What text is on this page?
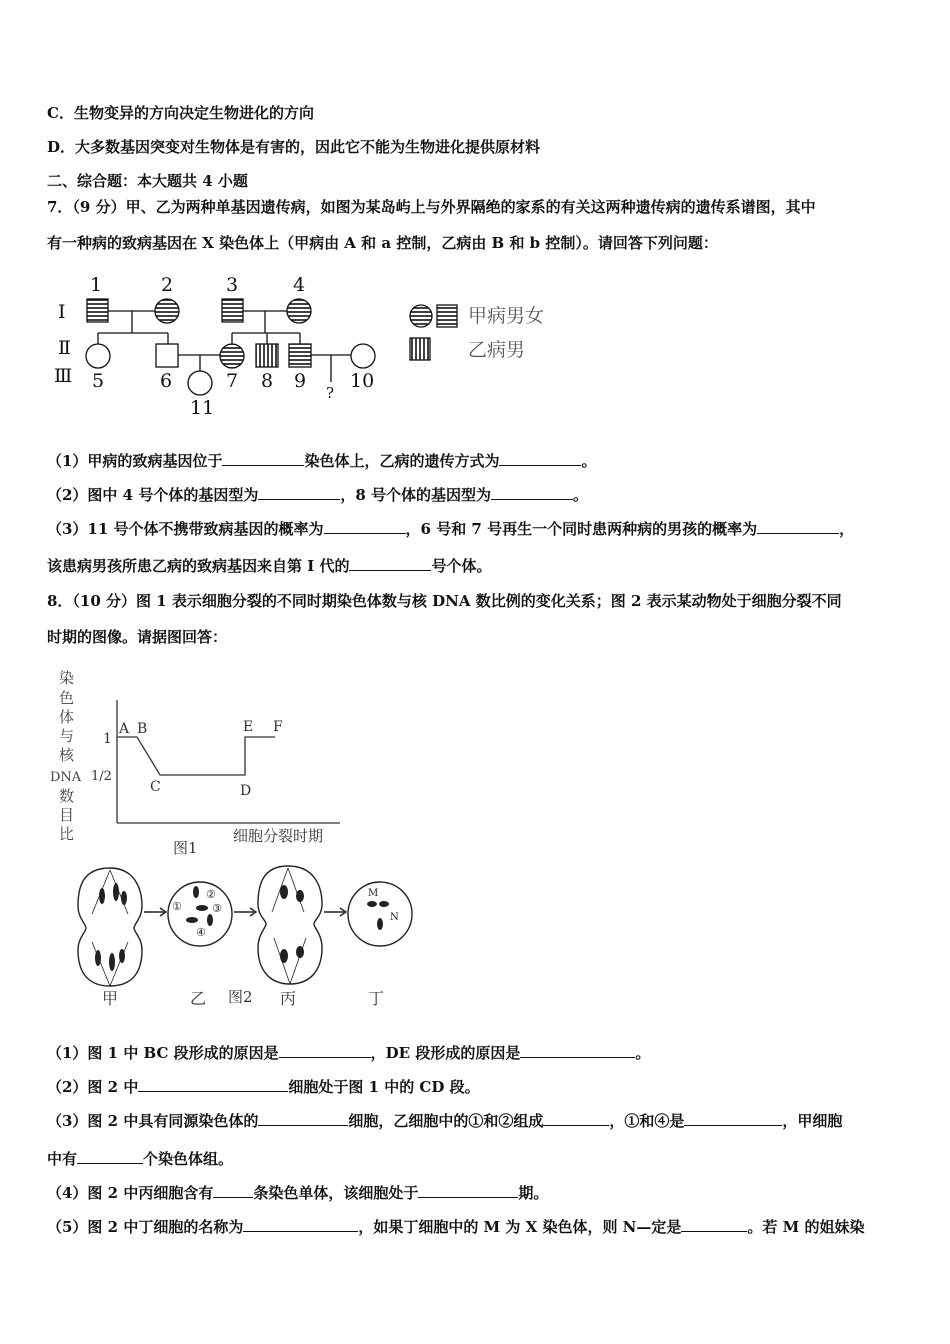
C．生物变异的方向决定生物进化的方向
D．大多数基因突变对生物体是有害的，因此它不能为生物进化提供原材料
二、综合题：本大题共 4 小题
7．（9 分）甲、乙为两种单基因遗传病，如图为某岛屿上与外界隔绝的家系的有关这两种遗传病的遗传系谱图，其中
有一种病的致病基因在 X 染色体上（甲病由 A 和 a 控制，乙病由 B 和 b 控制）。请回答下列问题：
Ⅰ
Ⅱ
Ⅲ
1	2	3	4
5	6	7 8 9 10
11
?
甲病男女
乙病男
（1）甲病的致病基因位于	染色体上，乙病的遗传方式为	。
（2）图中 4 号个体的基因型为	，8 号个体的基因型为	。
（3）11 号个体不携带致病基因的概率为	，6 号和 7 号再生一个同时患两种病的男孩的概率为	，
该患病男孩所患乙病的致病基因来自第 Ⅰ 代的	号个体。
8．（10 分）图 1 表示细胞分裂的不同时期染色体数与核 DNA 数比例的变化关系；图 2 表示某动物处于细胞分裂不同
时期的图像。请据图回答：
染
色
体
与
核
DNA
数
目
比
1
1/2
A B
C	D
E F
细胞分裂时期
图1
①
②
③
④
M
N
甲	乙	丙	丁
图2
（1）图 1 中 BC 段形成的原因是	，DE 段形成的原因是	。
（2）图 2 中	细胞处于图 1 中的 CD 段。
（3）图 2 中具有同源染色体的	细胞，乙细胞中的①和②组成	，①和④是	，甲细胞
中有	个染色体组。
（4）图 2 中丙细胞含有	条染色单体，该细胞处于	期。
（5）图 2 中丁细胞的名称为	，如果丁细胞中的 M 为 X 染色体，则 N—定是	。若 M 的姐妹染
